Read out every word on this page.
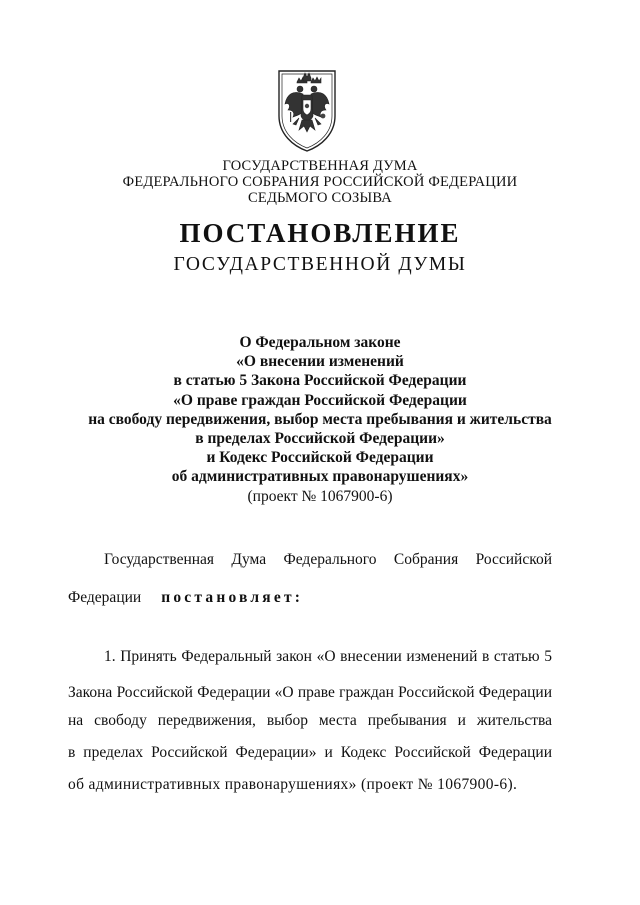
ГОСУДАРСТВЕННАЯ ДУМА
ФЕДЕРАЛЬНОГО СОБРАНИЯ РОССИЙСКОЙ ФЕДЕРАЦИИ
СЕДЬМОГО СОЗЫВА
ПОСТАНОВЛЕНИЕ
ГОСУДАРСТВЕННОЙ ДУМЫ
О Федеральном законе
«О внесении изменений
в статью 5 Закона Российской Федерации
«О праве граждан Российской Федерации
на свободу передвижения, выбор места пребывания и жительства
в пределах Российской Федерации»
и Кодекс Российской Федерации
об административных правонарушениях»
(проект № 1067900-6)
Государственная Дума Федерального Собрания Российской
Федерации постановляет:
1. Принять Федеральный закон «О внесении изменений в статью 5
Закона Российской Федерации «О праве граждан Российской Федерации
на свободу передвижения, выбор места пребывания и жительства
в пределах Российской Федерации» и Кодекс Российской Федерации
об административных правонарушениях» (проект № 1067900-6).
